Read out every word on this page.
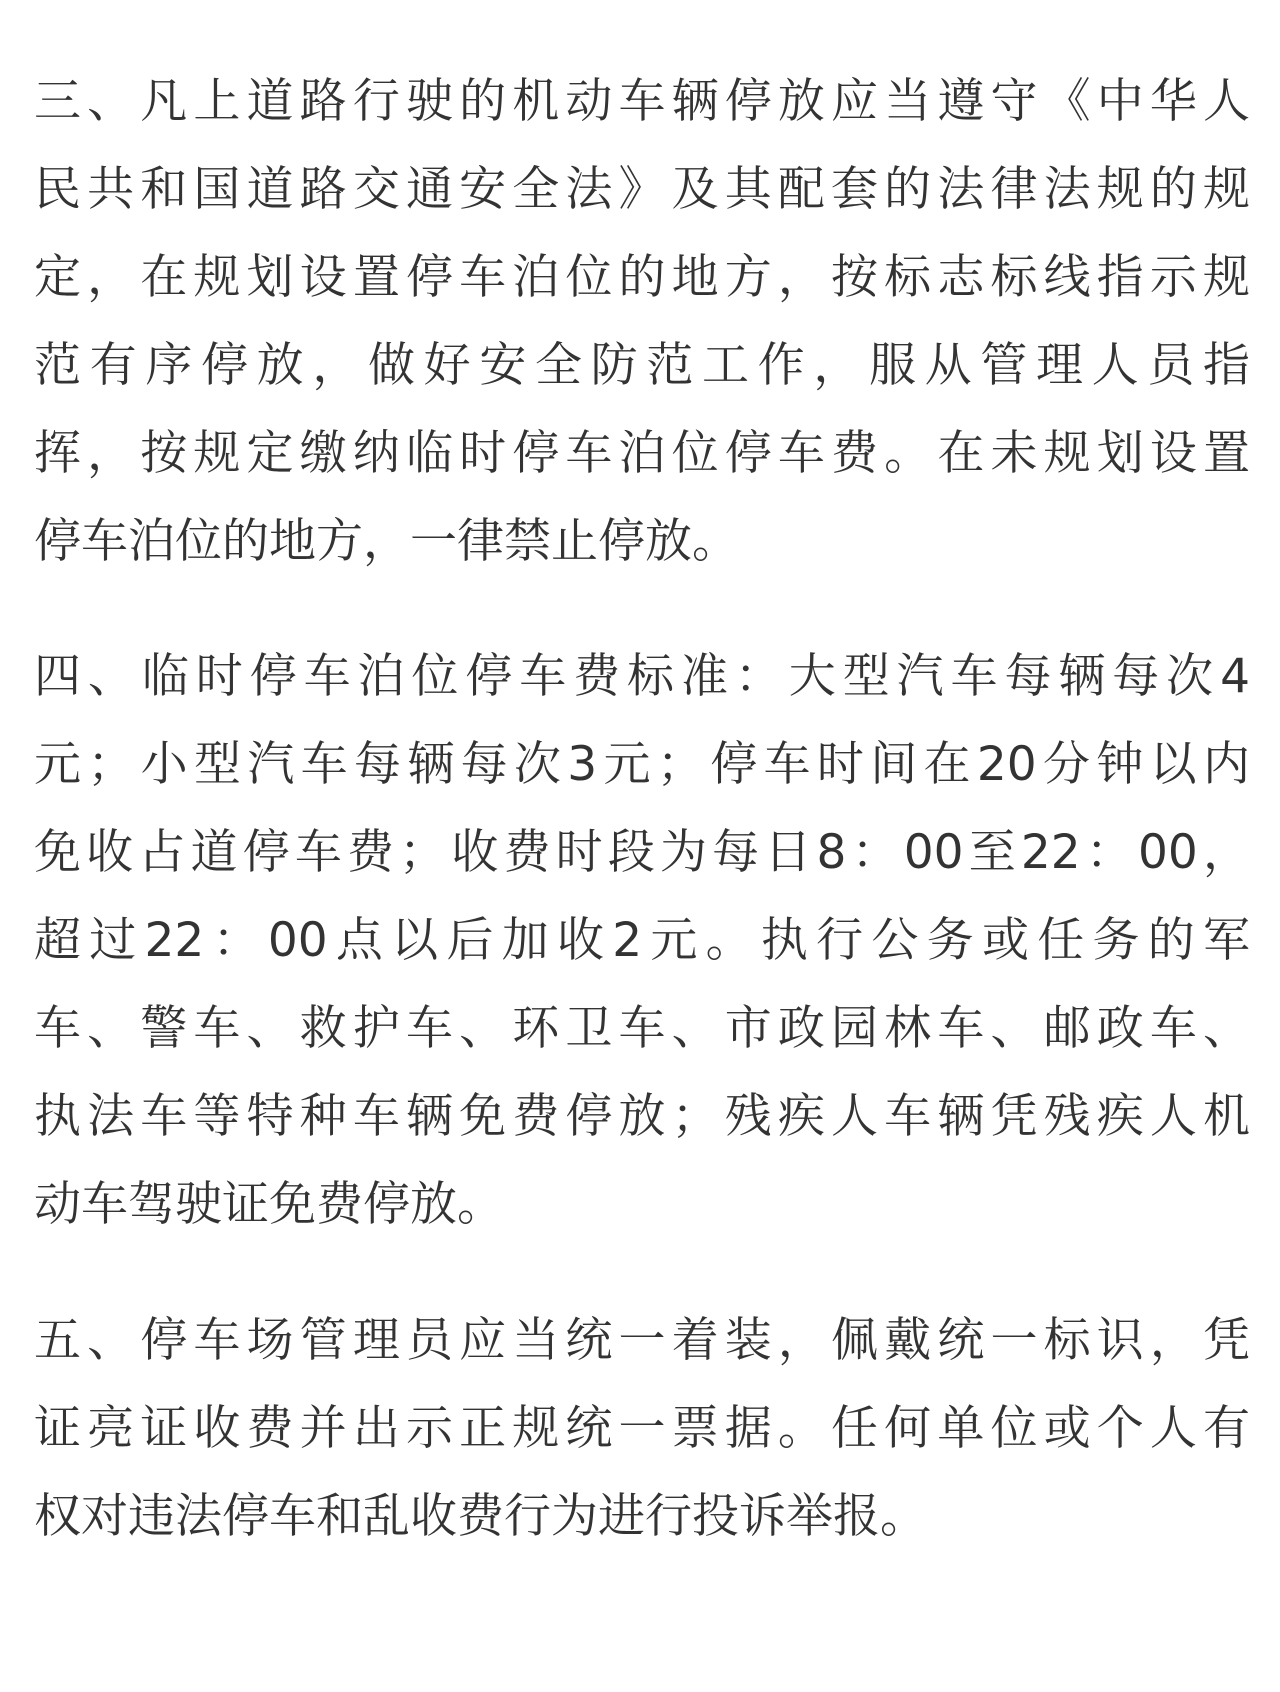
三、凡上道路行驶的机动车辆停放应当遵守《中华人
民共和国道路交通安全法》及其配套的法律法规的规
定，在规划设置停车泊位的地方，按标志标线指示规
范有序停放，做好安全防范工作，服从管理人员指
挥，按规定缴纳临时停车泊位停车费。在未规划设置
停车泊位的地方，一律禁止停放。
四、临时停车泊位停车费标准：大型汽车每辆每次4
元；小型汽车每辆每次3元；停车时间在20分钟以内
免收占道停车费；收费时段为每日8：00至22：00，
超过22：00点以后加收2元。执行公务或任务的军
车、警车、救护车、环卫车、市政园林车、邮政车、
执法车等特种车辆免费停放；残疾人车辆凭残疾人机
动车驾驶证免费停放。
五、停车场管理员应当统一着装，佩戴统一标识，凭
证亮证收费并出示正规统一票据。任何单位或个人有
权对违法停车和乱收费行为进行投诉举报。
